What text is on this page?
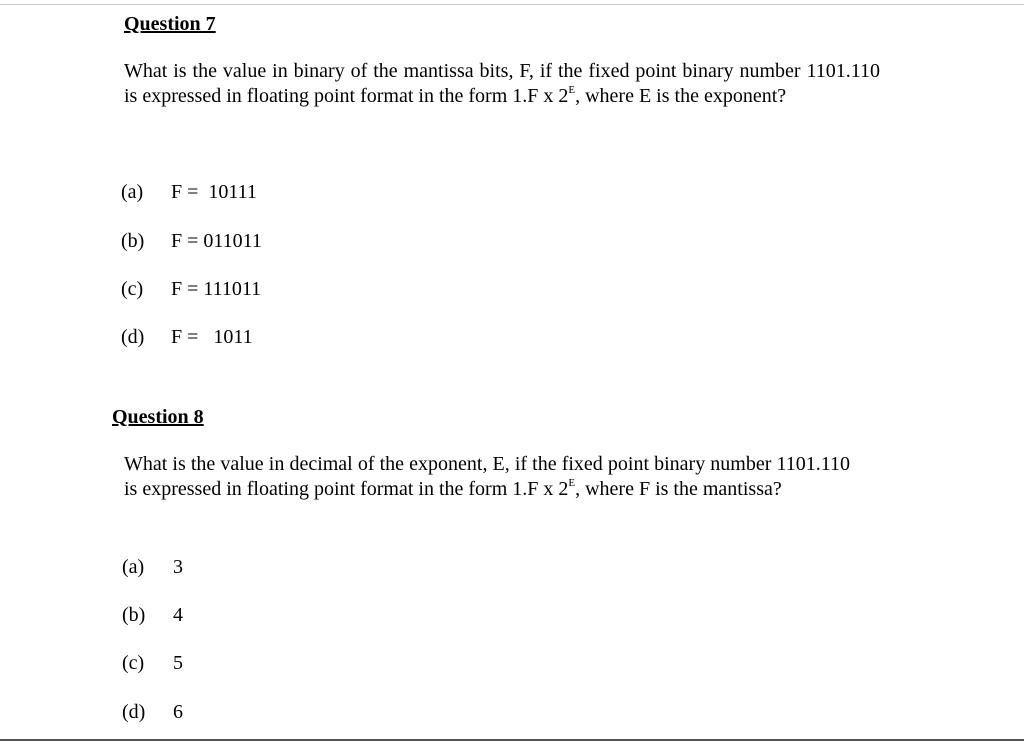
Question 7
What is the value in binary of the mantissa bits, F, if the fixed point binary number 1101.110 is expressed in floating point format in the form 1.F x $2^E$, where E is the exponent?
(a) F =  10111
(b) F = 011011
(c) F = 111011
(d) F =   1011
Question 8
What is the value in decimal of the exponent, E, if the fixed point binary number 1101.110 is expressed in floating point format in the form 1.F x $2^E$, where F is the mantissa?
(a) 3
(b) 4
(c) 5
(d) 6
